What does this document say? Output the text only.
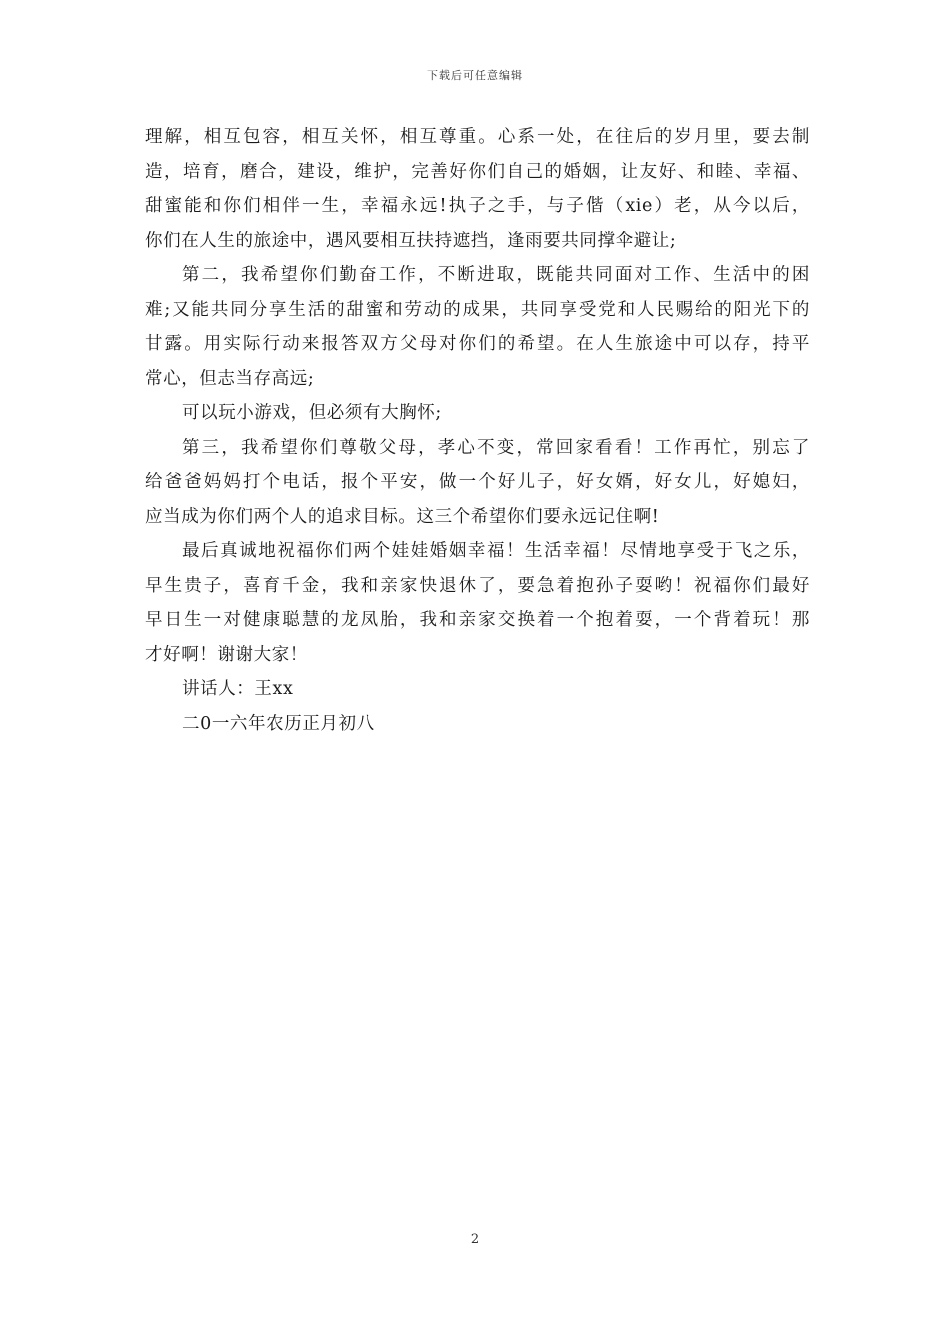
下载后可任意编辑
理解，相互包容，相互关怀，相互尊重。心系一处，在往后的岁月里，要去制
造，培育，磨合，建设，维护，完善好你们自己的婚姻，让友好、和睦、幸福、
甜蜜能和你们相伴一生，幸福永远!执子之手，与子偕（xie）老，从今以后，
你们在人生的旅途中，遇风要相互扶持遮挡，逢雨要共同撑伞避让;
第二，我希望你们勤奋工作，不断进取，既能共同面对工作、生活中的困
难;又能共同分享生活的甜蜜和劳动的成果，共同享受党和人民赐给的阳光下的
甘露。用实际行动来报答双方父母对你们的希望。在人生旅途中可以存，持平
常心，但志当存高远;
可以玩小游戏，但必须有大胸怀;
第三，我希望你们尊敬父母，孝心不变，常回家看看！工作再忙，别忘了
给爸爸妈妈打个电话，报个平安，做一个好儿子，好女婿，好女儿，好媳妇，
应当成为你们两个人的追求目标。这三个希望你们要永远记住啊!
最后真诚地祝福你们两个娃娃婚姻幸福！生活幸福！尽情地享受于飞之乐，
早生贵子，喜育千金，我和亲家快退休了，要急着抱孙子耍哟！祝福你们最好
早日生一对健康聪慧的龙凤胎，我和亲家交换着一个抱着耍，一个背着玩！那
才好啊！谢谢大家！
讲话人：王xx
二0一六年农历正月初八
2
